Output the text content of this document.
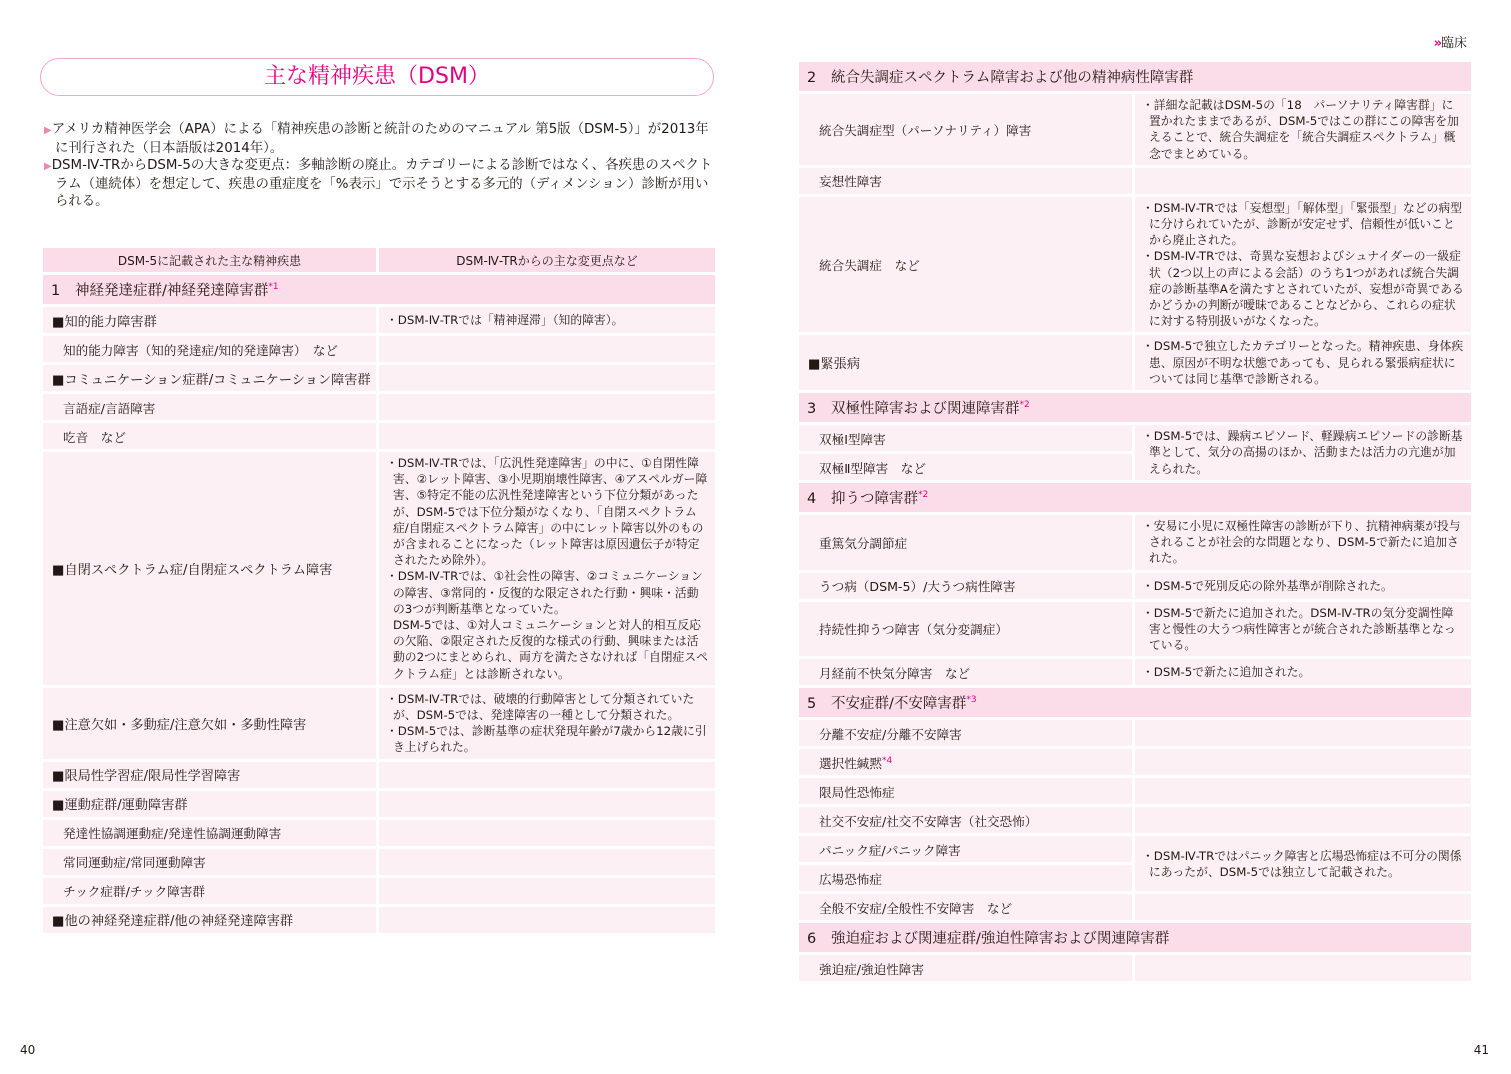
主な精神疾患（DSM）

▶アメリカ精神医学会（APA）による「精神疾患の診断と統計のためのマニュアル 第5版（DSM-5）」が2013年に刊行された（日本語版は2014年）。

▶DSM-Ⅳ-TRからDSM-5の大きな変更点：多軸診断の廃止。カテゴリーによる診断ではなく、各疾患のスペクトラム（連続体）を想定して、疾患の重症度を「%表示」で示そうとする多元的（ディメンション）診断が用いられる。

DSM-5に記載された主な精神疾患	DSM-Ⅳ-TRからの主な変更点など
1 神経発達症群/神経発達障害群$^{*1}$
■知的能力障害群	・DSM-Ⅳ-TRでは「精神遅滞」（知的障害）。

知的能力障害（知的発達症/知的発達障害）　など	
■コミュニケーション症群/コミュニケーション障害群	
言語症/言語障害	
吃音　など	
■自閉スペクトラム症/自閉症スペクトラム障害	・DSM-Ⅳ-TRでは、「広汎性発達障害」の中に、①自閉性障害、②レット障害、③小児期崩壊性障害、④アスペルガー障害、⑤特定不能の広汎性発達障害という下位分類があったが、DSM-5では下位分類がなくなり、「自閉スペクトラム症/自閉症スペクトラム障害」の中にレット障害以外のものが含まれることになった（レット障害は原因遺伝子が特定されたため除外）。
・DSM-Ⅳ-TRでは、①社会性の障害、②コミュニケーションの障害、③常同的・反復的な限定された行動・興味・活動の3つが判断基準となっていた。
DSM-5では、①対人コミュニケーションと対人的相互反応の欠陥、②限定された反復的な様式の行動、興味または活動の2つにまとめられ、両方を満たさなければ「自閉症スペクトラム症」とは診断されない。

■注意欠如・多動症/注意欠如・多動性障害	・DSM-Ⅳ-TRでは、破壊的行動障害として分類されていたが、DSM-5では、発達障害の一種として分類された。
・DSM-5では、診断基準の症状発現年齢が7歳から12歳に引き上げられた。

■限局性学習症/限局性学習障害	
■運動症群/運動障害群	
発達性協調運動症/発達性協調運動障害	
常同運動症/常同運動障害	
チック症群/チック障害群	
■他の神経発達症群/他の神経発達障害群	
40
» 臨床
2 統合失調症スペクトラム障害および他の精神病性障害群	
統合失調症型（パーソナリティ）障害	・詳細な記載はDSM-5の「18　パーソナリティ障害群」に置かれたままであるが、DSM-5ではこの群にこの障害を加えることで、統合失調症を「統合失調症スペクトラム」概念でまとめている。

妄想性障害	
統合失調症　など	・DSM-Ⅳ-TRでは「妄想型」「解体型」「緊張型」などの病型に分けられていたが、診断が安定せず、信頼性が低いことから廃止された。
・DSM-Ⅳ-TRでは、奇異な妄想およびシュナイダーの一級症状（2つ以上の声による会話）のうち1つがあれば統合失調症の診断基準Aを満たすとされていたが、妄想が奇異であるかどうかの判断が曖昧であることなどから、これらの症状に対する特別扱いがなくなった。

■緊張病	・DSM-5で独立したカテゴリーとなった。精神疾患、身体疾患、原因が不明な状態であっても、見られる緊張病症状については同じ基準で診断される。

3 双極性障害および関連障害群$^{*2}$
双極Ⅰ型障害	・DSM-5では、躁病エピソード、軽躁病エピソードの診断基準として、気分の高揚のほか、活動または活力の亢進が加えられた。

双極Ⅱ型障害　など	
4 抑うつ障害群$^{*2}$
重篤気分調節症	・安易に小児に双極性障害の診断が下り、抗精神病薬が投与されることが社会的な問題となり、DSM-5で新たに追加された。

うつ病（DSM-5）/大うつ病性障害	・DSM-5で死別反応の除外基準が削除された。

持続性抑うつ障害（気分変調症）	・DSM-5で新たに追加された。DSM-Ⅳ-TRの気分変調性障害と慢性の大うつ病性障害とが統合された診断基準となっている。

月経前不快気分障害　など	・DSM-5で新たに追加された。

5 不安症群/不安障害群$^{*3}$
分離不安症/分離不安障害	
選択性緘黙$^{*4}$	
限局性恐怖症	
社交不安症/社交不安障害（社交恐怖）	
パニック症/パニック障害	・DSM-Ⅳ-TRではパニック障害と広場恐怖症は不可分の関係にあったが、DSM-5では独立して記載された。

広場恐怖症	
全般不安症/全般性不安障害　など	
6 強迫症および関連症群/強迫性障害および関連障害群	
強迫症/強迫性障害	
41
